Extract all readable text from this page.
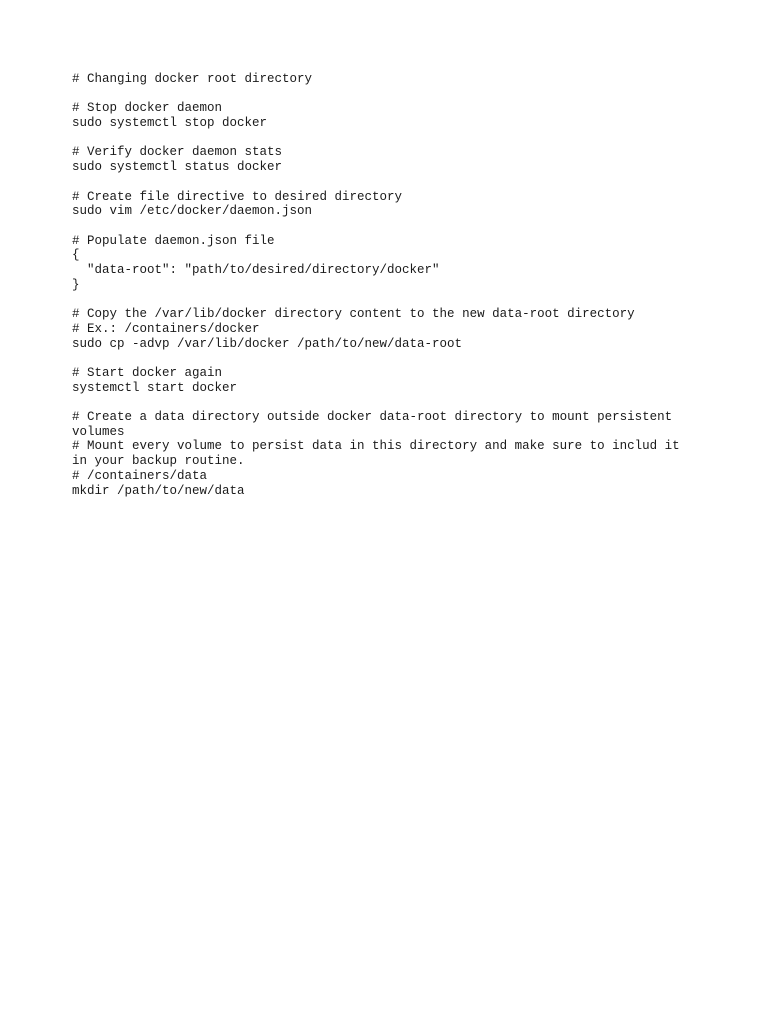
# Changing docker root directory
# Stop docker daemon
sudo systemctl stop docker
# Verify docker daemon stats
sudo systemctl status docker
# Create file directive to desired directory
sudo vim /etc/docker/daemon.json
# Populate daemon.json file
{
"data-root": "path/to/desired/directory/docker"
}
# Copy the /var/lib/docker directory content to the new data-root directory
# Ex.: /containers/docker
sudo cp -advp /var/lib/docker /path/to/new/data-root
# Start docker again
systemctl start docker
# Create a data directory outside docker data-root directory to mount persistent
volumes
# Mount every volume to persist data in this directory and make sure to includ it
in your backup routine.
# /containers/data
mkdir /path/to/new/data
